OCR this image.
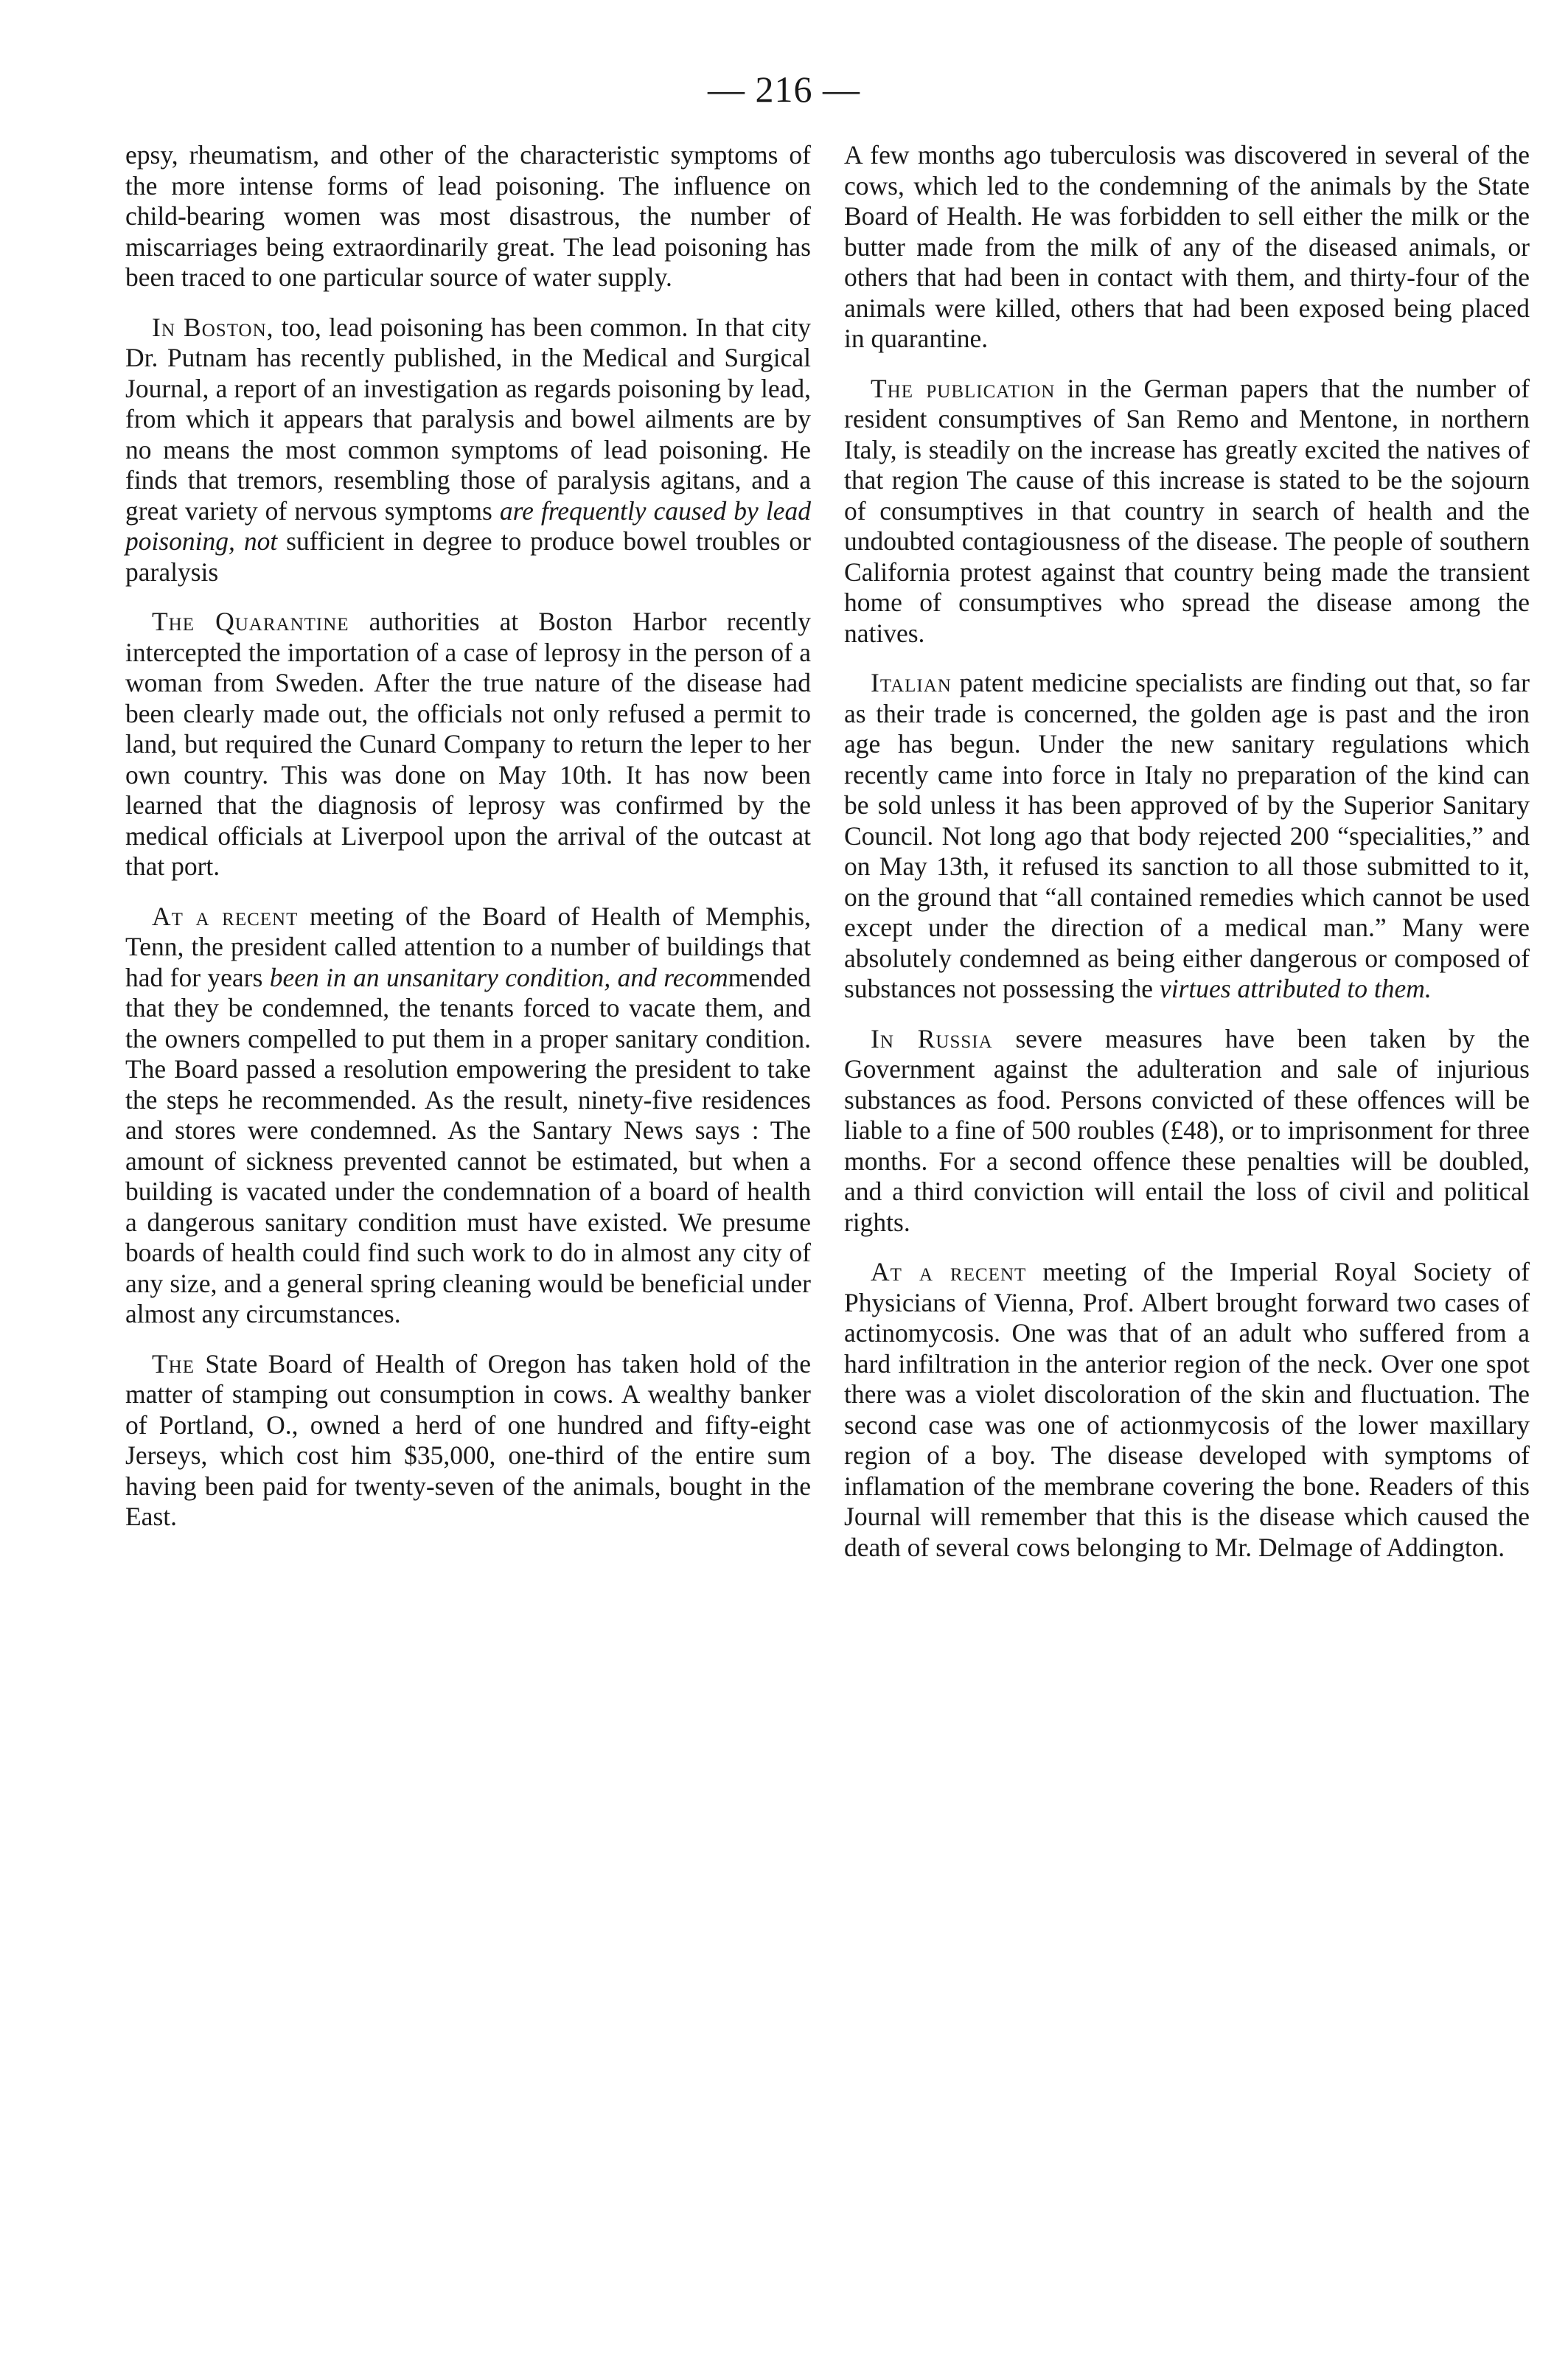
— 216 —

epsy, rheumatism, and other of the characteristic symptoms of the more intense forms of lead poisoning. The influence on child-bearing women was most disastrous, the number of miscarriages being extraordinarily great. The lead poisoning has been traced to one particular source of water supply.

In Boston, too, lead poisoning has been common. In that city Dr. Putnam has recently published, in the Medical and Surgical Journal, a report of an investigation as regards poisoning by lead, from which it appears that paralysis and bowel ailments are by no means the most common symptoms of lead poisoning. He finds that tremors, resembling those of paralysis agitans, and a great variety of nervous symptoms are frequently caused by lead poisoning, not sufficient in degree to produce bowel troubles or paralysis

The Quarantine authorities at Boston Harbor recently intercepted the importation of a case of leprosy in the person of a woman from Sweden. After the true nature of the disease had been clearly made out, the officials not only refused a permit to land, but required the Cunard Company to return the leper to her own country. This was done on May 10th. It has now been learned that the diagnosis of leprosy was confirmed by the medical officials at Liverpool upon the arrival of the outcast at that port.

At a recent meeting of the Board of Health of Memphis, Tenn, the president called attention to a number of buildings that had for years been in an unsanitary condition, and recommended that they be condemned, the tenants forced to vacate them, and the owners compelled to put them in a proper sanitary condition. The Board passed a resolution empowering the president to take the steps he recommended. As the result, ninety-five residences and stores were condemned. As the Santary News says : The amount of sickness prevented cannot be estimated, but when a building is vacated under the condemnation of a board of health a dangerous sanitary condition must have existed. We presume boards of health could find such work to do in almost any city of any size, and a general spring cleaning would be beneficial under almost any circumstances.

The State Board of Health of Oregon has taken hold of the matter of stamping out consumption in cows. A wealthy banker of Portland, O., owned a herd of one hundred and fifty-eight Jerseys, which cost him $35,000, one-third of the entire sum having been paid for twenty-seven of the animals, bought in the East.

A few months ago tuberculosis was discovered in several of the cows, which led to the condemning of the animals by the State Board of Health. He was forbidden to sell either the milk or the butter made from the milk of any of the diseased animals, or others that had been in contact with them, and thirty-four of the animals were killed, others that had been exposed being placed in quarantine.

The publication in the German papers that the number of resident consumptives of San Remo and Mentone, in northern Italy, is steadily on the increase has greatly excited the natives of that region The cause of this increase is stated to be the sojourn of consumptives in that country in search of health and the undoubted contagiousness of the disease. The people of southern California protest against that country being made the transient home of consumptives who spread the disease among the natives.

Italian patent medicine specialists are finding out that, so far as their trade is concerned, the golden age is past and the iron age has begun. Under the new sanitary regulations which recently came into force in Italy no preparation of the kind can be sold unless it has been approved of by the Superior Sanitary Council. Not long ago that body rejected 200 “specialities,” and on May 13th, it refused its sanction to all those submitted to it, on the ground that “all contained remedies which cannot be used except under the direction of a medical man.” Many were absolutely condemned as being either dangerous or composed of substances not possessing the virtues attributed to them.

In Russia severe measures have been taken by the Government against the adulteration and sale of injurious substances as food. Persons convicted of these offences will be liable to a fine of 500 roubles (£48), or to imprisonment for three months. For a second offence these penalties will be doubled, and a third conviction will entail the loss of civil and political rights.

At a recent meeting of the Imperial Royal Society of Physicians of Vienna, Prof. Albert brought forward two cases of actinomycosis. One was that of an adult who suffered from a hard infiltration in the anterior region of the neck. Over one spot there was a violet discoloration of the skin and fluctuation. The second case was one of actionmycosis of the lower maxillary region of a boy. The disease developed with symptoms of inflamation of the membrane covering the bone. Readers of this Journal will remember that this is the disease which caused the death of several cows belonging to Mr. Delmage of Addington.
